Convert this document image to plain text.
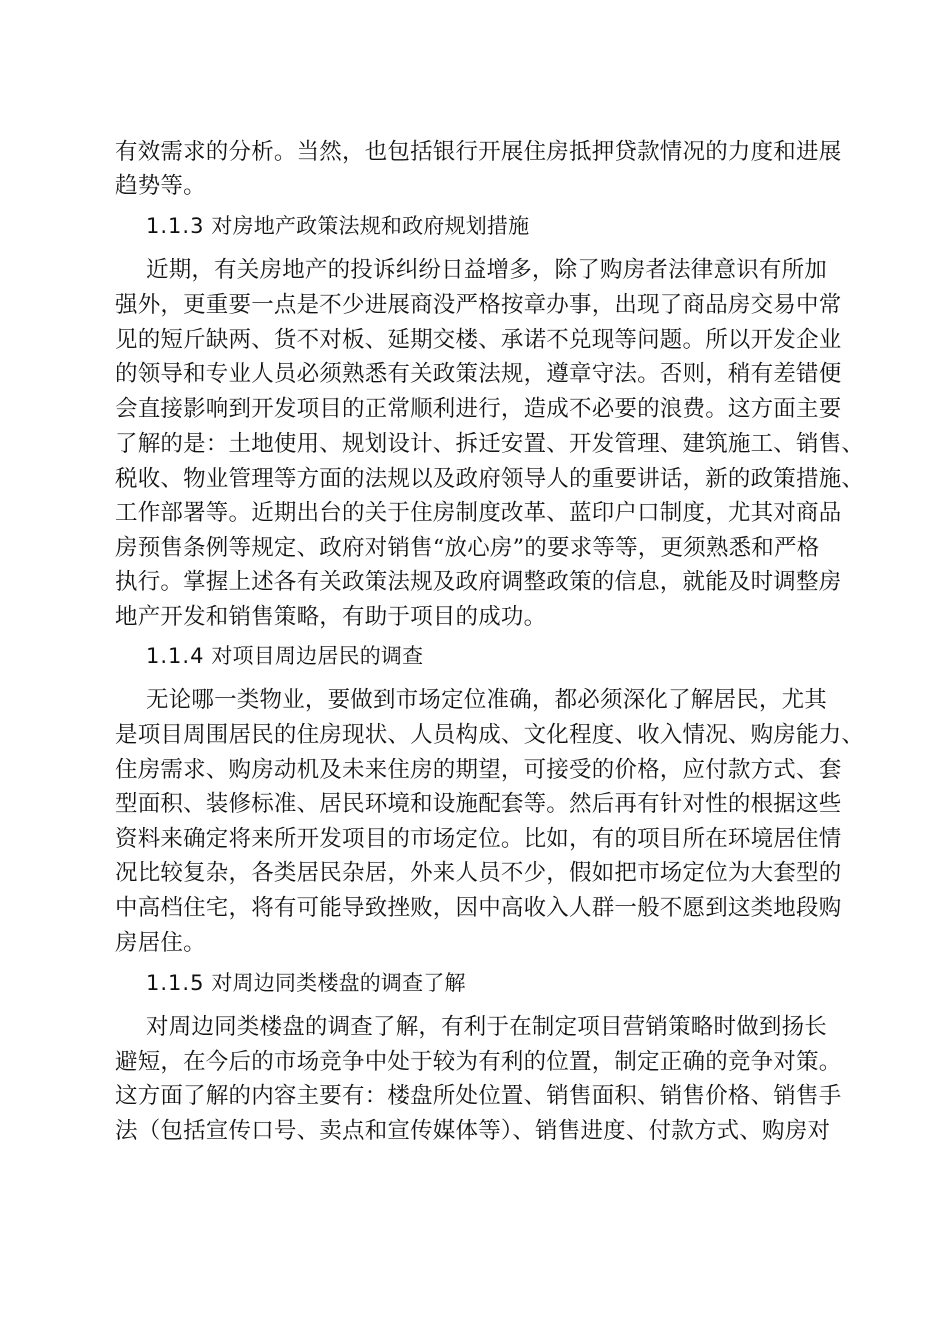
有效需求的分析。当然，也包括银行开展住房抵押贷款情况的力度和进展
趋势等。
1.1.3 对房地产政策法规和政府规划措施
近期，有关房地产的投诉纠纷日益增多，除了购房者法律意识有所加
强外，更重要一点是不少进展商没严格按章办事，出现了商品房交易中常
见的短斤缺两、货不对板、延期交楼、承诺不兑现等问题。所以开发企业
的领导和专业人员必须熟悉有关政策法规，遵章守法。否则，稍有差错便
会直接影响到开发项目的正常顺利进行，造成不必要的浪费。这方面主要
了解的是：土地使用、规划设计、拆迁安置、开发管理、建筑施工、销售、
税收、物业管理等方面的法规以及政府领导人的重要讲话，新的政策措施、
工作部署等。近期出台的关于住房制度改革、蓝印户口制度，尤其对商品
房预售条例等规定、政府对销售“放心房”的要求等等，更须熟悉和严格
执行。掌握上述各有关政策法规及政府调整政策的信息，就能及时调整房
地产开发和销售策略，有助于项目的成功。
1.1.4 对项目周边居民的调查
无论哪一类物业，要做到市场定位准确，都必须深化了解居民，尤其
是项目周围居民的住房现状、人员构成、文化程度、收入情况、购房能力、
住房需求、购房动机及未来住房的期望，可接受的价格，应付款方式、套
型面积、装修标准、居民环境和设施配套等。然后再有针对性的根据这些
资料来确定将来所开发项目的市场定位。比如，有的项目所在环境居住情
况比较复杂，各类居民杂居，外来人员不少，假如把市场定位为大套型的
中高档住宅，将有可能导致挫败，因中高收入人群一般不愿到这类地段购
房居住。
1.1.5 对周边同类楼盘的调查了解
对周边同类楼盘的调查了解，有利于在制定项目营销策略时做到扬长
避短，在今后的市场竞争中处于较为有利的位置，制定正确的竞争对策。
这方面了解的内容主要有：楼盘所处位置、销售面积、销售价格、销售手
法（包括宣传口号、卖点和宣传媒体等）、销售进度、付款方式、购房对
